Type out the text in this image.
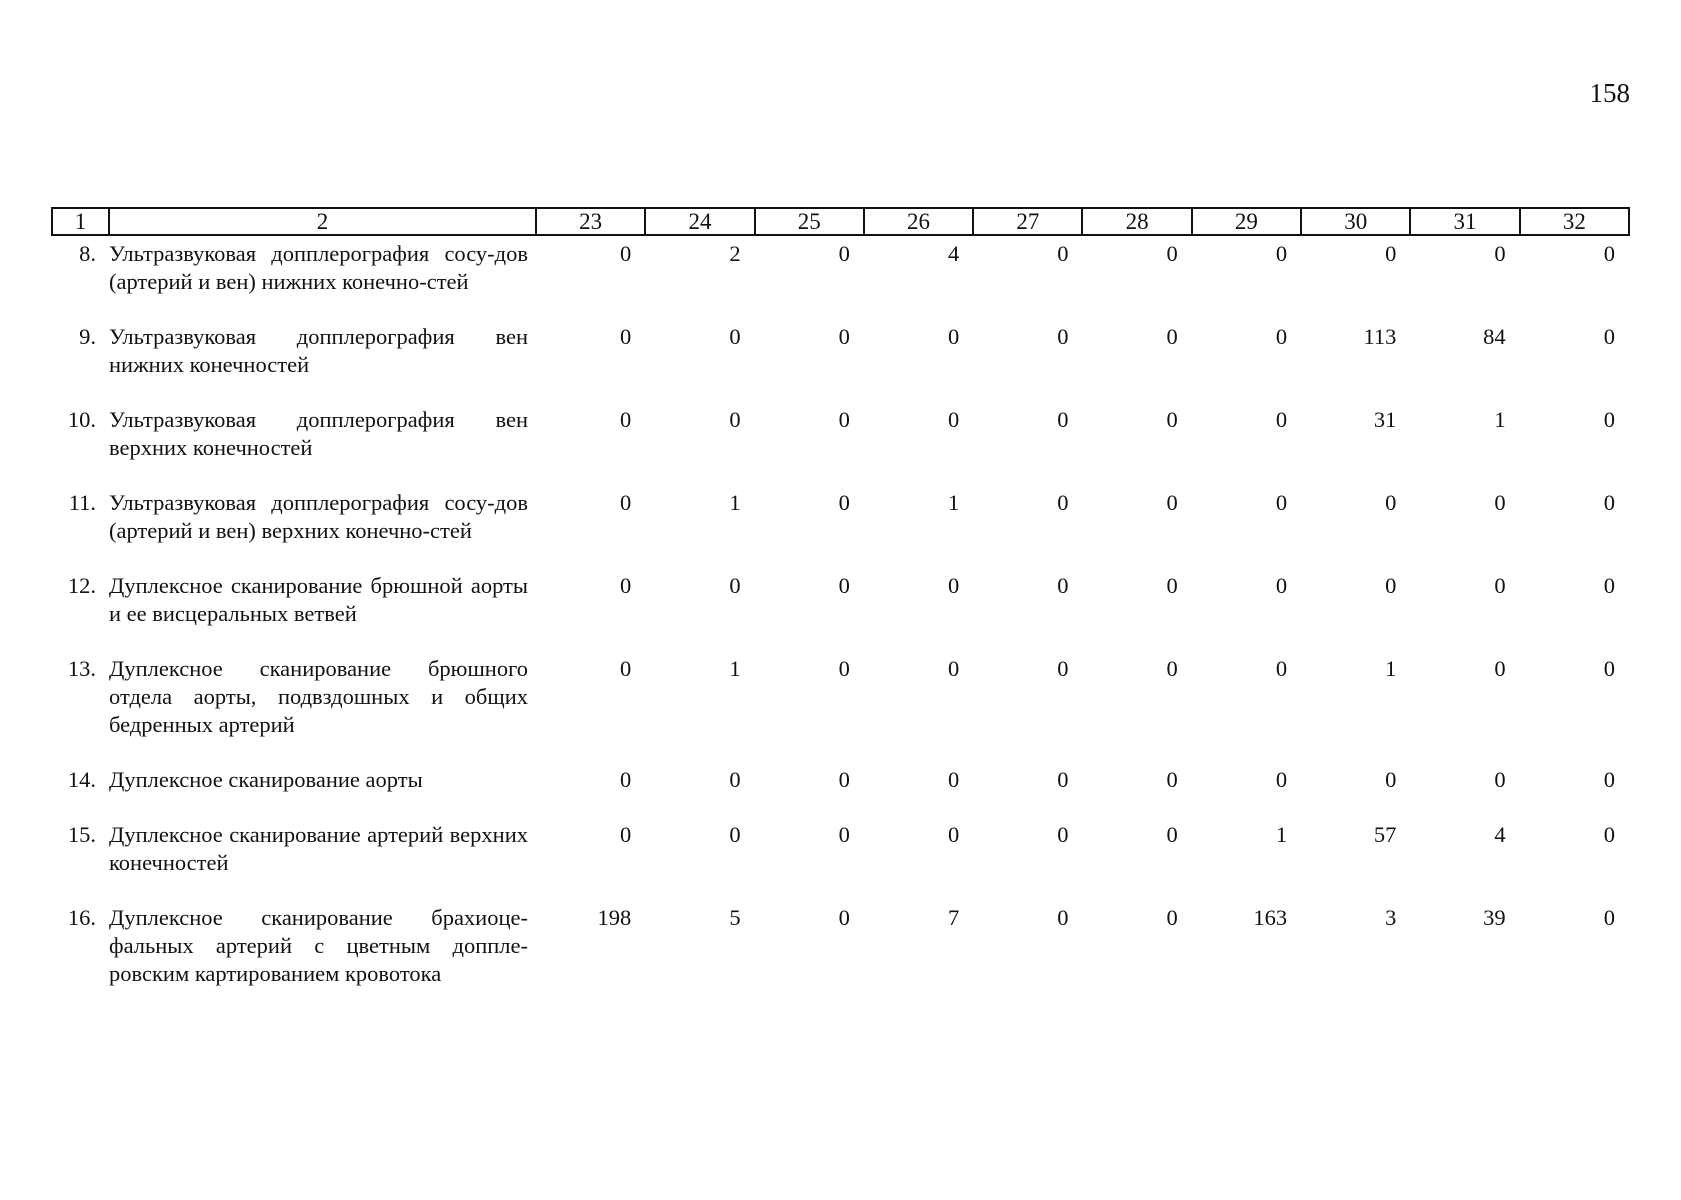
158
1	2	23	24	25	26	27	28	29	30	31	32
8.	Ультразвуковая допплерография сосу-дов (артерий и вен) нижних конечно-стей	0	2	0	4	0	0	0	0	0	0
9.	Ультразвуковая допплерография вен нижних конечностей	0	0	0	0	0	0	0	113	84	0
10.	Ультразвуковая допплерография вен верхних конечностей	0	0	0	0	0	0	0	31	1	0
11.	Ультразвуковая допплерография сосу-дов (артерий и вен) верхних конечно-стей	0	1	0	1	0	0	0	0	0	0
12.	Дуплексное сканирование брюшной аорты и ее висцеральных ветвей	0	0	0	0	0	0	0	0	0	0
13.	Дуплексное сканирование брюшного отдела аорты, подвздошных и общих бедренных артерий	0	1	0	0	0	0	0	1	0	0
14.	Дуплексное сканирование аорты	0	0	0	0	0	0	0	0	0	0
15.	Дуплексное сканирование артерий верхних конечностей	0	0	0	0	0	0	1	57	4	0
16.	Дуплексное сканирование брахиоце-фальных артерий с цветным доппле-ровским картированием кровотока	198	5	0	7	0	0	163	3	39	0
